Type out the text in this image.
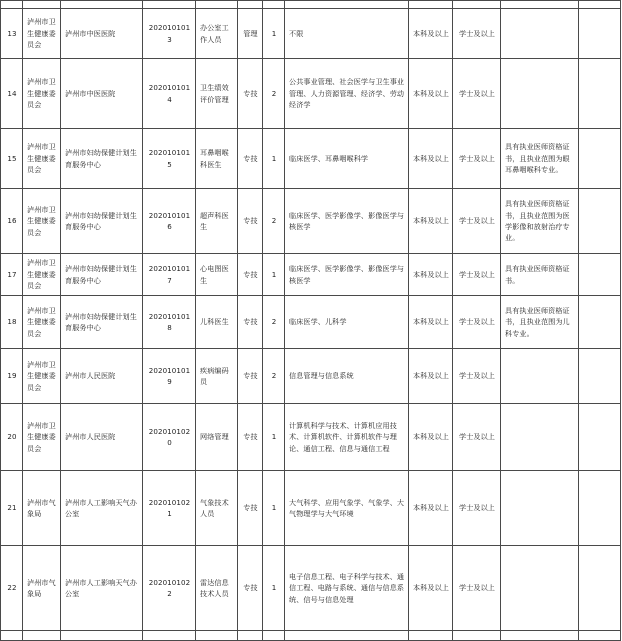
13	泸州市卫生健康委员会	泸州市中医医院	2020101013	办公室工作人员	管理	1	不限	本科及以上	学士及以上		
14	泸州市卫生健康委员会	泸州市中医医院	2020101014	卫生绩效评价管理	专技	2	公共事业管理、社会医学与卫生事业管理、人力资源管理、经济学、劳动经济学	本科及以上	学士及以上		
15	泸州市卫生健康委员会	泸州市妇幼保健计划生育服务中心	2020101015	耳鼻咽喉科医生	专技	1	临床医学、耳鼻咽喉科学	本科及以上	学士及以上	具有执业医师资格证书，且执业范围为眼耳鼻咽喉科专业。	
16	泸州市卫生健康委员会	泸州市妇幼保健计划生育服务中心	2020101016	超声科医生	专技	2	临床医学、医学影像学、影像医学与核医学	本科及以上	学士及以上	具有执业医师资格证书，且执业范围为医学影像和放射治疗专业。	
17	泸州市卫生健康委员会	泸州市妇幼保健计划生育服务中心	2020101017	心电图医生	专技	1	临床医学、医学影像学、影像医学与核医学	本科及以上	学士及以上	具有执业医师资格证书。	
18	泸州市卫生健康委员会	泸州市妇幼保健计划生育服务中心	2020101018	儿科医生	专技	2	临床医学、儿科学	本科及以上	学士及以上	具有执业医师资格证书，且执业范围为儿科专业。	
19	泸州市卫生健康委员会	泸州市人民医院	2020101019	疾病编码员	专技	2	信息管理与信息系统	本科及以上	学士及以上		
20	泸州市卫生健康委员会	泸州市人民医院	2020101020	网络管理	专技	1	计算机科学与技术、计算机应用技术、计算机软件、计算机软件与理论、通信工程、信息与通信工程	本科及以上	学士及以上		
21	泸州市气象局	泸州市人工影响天气办公室	2020101021	气象技术人员	专技	1	大气科学、应用气象学、气象学、大气物理学与大气环境	本科及以上	学士及以上		
22	泸州市气象局	泸州市人工影响天气办公室	2020101022	雷达信息技术人员	专技	1	电子信息工程、电子科学与技术、通信工程、电路与系统、通信与信息系统、信号与信息处理	本科及以上	学士及以上		
